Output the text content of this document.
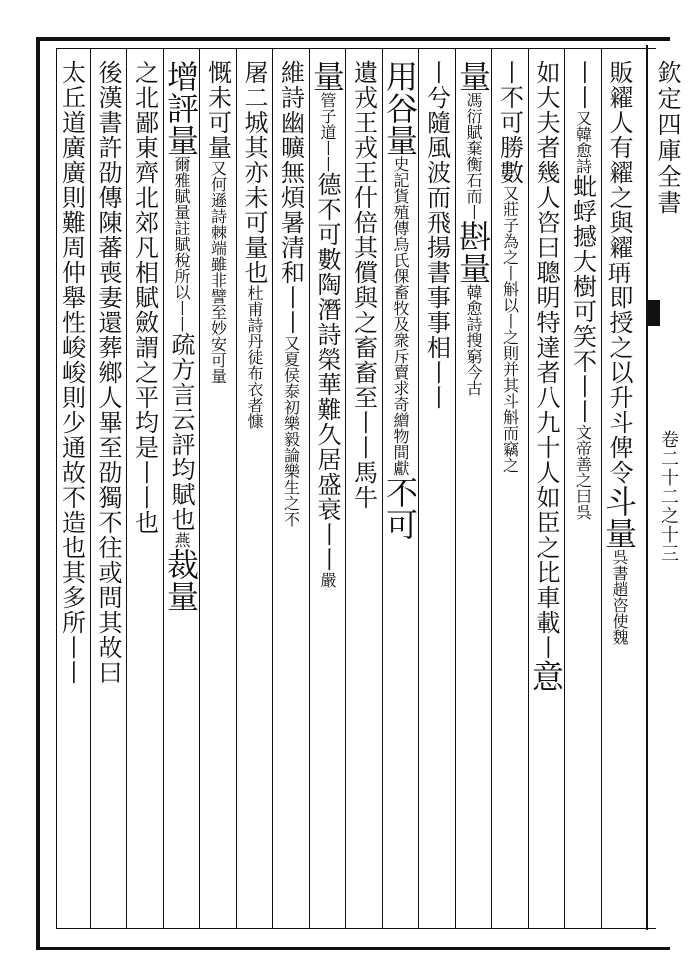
欽定四庫全書
卷二十二之十三
販糴人有糴之與糴𤥆即授之以升斗俾令斗量呉書趙咨使魏
丨丨又韓愈詩蚍蜉撼大樹可笑不丨丨文帝善之曰呉
如大夫者幾人咨曰聰明特達者八九十人如臣之比車載丨意
丨不可勝數又莊子為之丨斛以丨之則并其斗斛而竊之
量馮衍賦棄衡石而丨斟量韓愈詩搜窮今古
丨兮隨風波而飛揚書事事相丨丨
用谷量史記貨殖傳烏氏倮畜牧及衆斥賣求奇繒物間獻不可
遺戎王戎王什倍其償與之畜畜至丨丨馬牛
量管子道丨丨德不可數陶潛詩榮華難久居盛衰丨丨嚴
維詩幽曠無煩暑清和丨丨又夏侯泰初樂毅論樂生之不
屠二城其亦未可量也杜甫詩丹徒布衣者慷
慨未可量又何遜詩棘端雖非譬至妙安可量
增評量爾雅賦量註賦稅所以丨丨疏方言云評均賦也燕裁量
之北鄙東齊北郊凡相賦斂謂之平均是丨丨也
後漢書許劭傳陳蕃喪妻還葬鄉人畢至劭獨不往或問其故曰
太丘道廣廣則難周仲舉性峻峻則少通故不造也其多所丨丨
